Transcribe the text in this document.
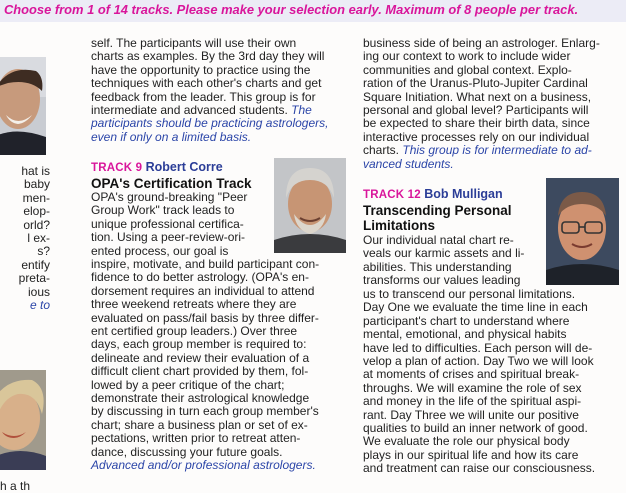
Choose from 1 of 14 tracks. Please make your selection early. Maximum of 8 people per track.

hat is

baby

men-

elop-

orld?

l ex-

s?

entify

preta-

ious

e to

h a th

self. The participants will use their own

charts as examples. By the 3rd day they will

have the opportunity to practice using the

techniques with each other's charts and get

feedback from the leader. This group is for

intermediate and advanced students. The

participants should be practicing astrologers,

even if only on a limited basis.

TRACK 9 Robert Corre

OPA's Certification Track

OPA's ground-breaking "Peer

Group Work" track leads to

unique professional certifica-

tion. Using a peer-review-ori-

ented process, our goal is

inspire, motivate, and build participant con-

fidence to do better astrology. (OPA's en-

dorsement requires an individual to attend

three weekend retreats where they are

evaluated on pass/fail basis by three differ-

ent certified group leaders.) Over three

days, each group member is required to:

delineate and review their evaluation of a

difficult client chart provided by them, fol-

lowed by a peer critique of the chart;

demonstrate their astrological knowledge

by discussing in turn each group member's

chart; share a business plan or set of ex-

pectations, written prior to retreat atten-

dance, discussing your future goals.

Advanced and/or professional astrologers.

business side of being an astrologer. Enlarg-

ing our context to work to include wider

communities and global context. Explo-

ration of the Uranus-Pluto-Jupiter Cardinal

Square Initiation. What next on a business,

personal and global level? Participants will

be expected to share their birth data, since

interactive processes rely on our individual

charts. This group is for intermediate to ad-

vanced students.

TRACK 12 Bob Mulligan

Transcending Personal

Limitations

Our individual natal chart re-

veals our karmic assets and li-

abilities. This understanding

transforms our values leading

us to transcend our personal limitations.

Day One we evaluate the time line in each

participant's chart to understand where

mental, emotional, and physical habits

have led to difficulties. Each person will de-

velop a plan of action. Day Two we will look

at moments of crises and spiritual break-

throughs. We will examine the role of sex

and money in the life of the spiritual aspi-

rant. Day Three we will unite our positive

qualities to build an inner network of good.

We evaluate the role our physical body

plays in our spiritual life and how its care

and treatment can raise our consciousness.
